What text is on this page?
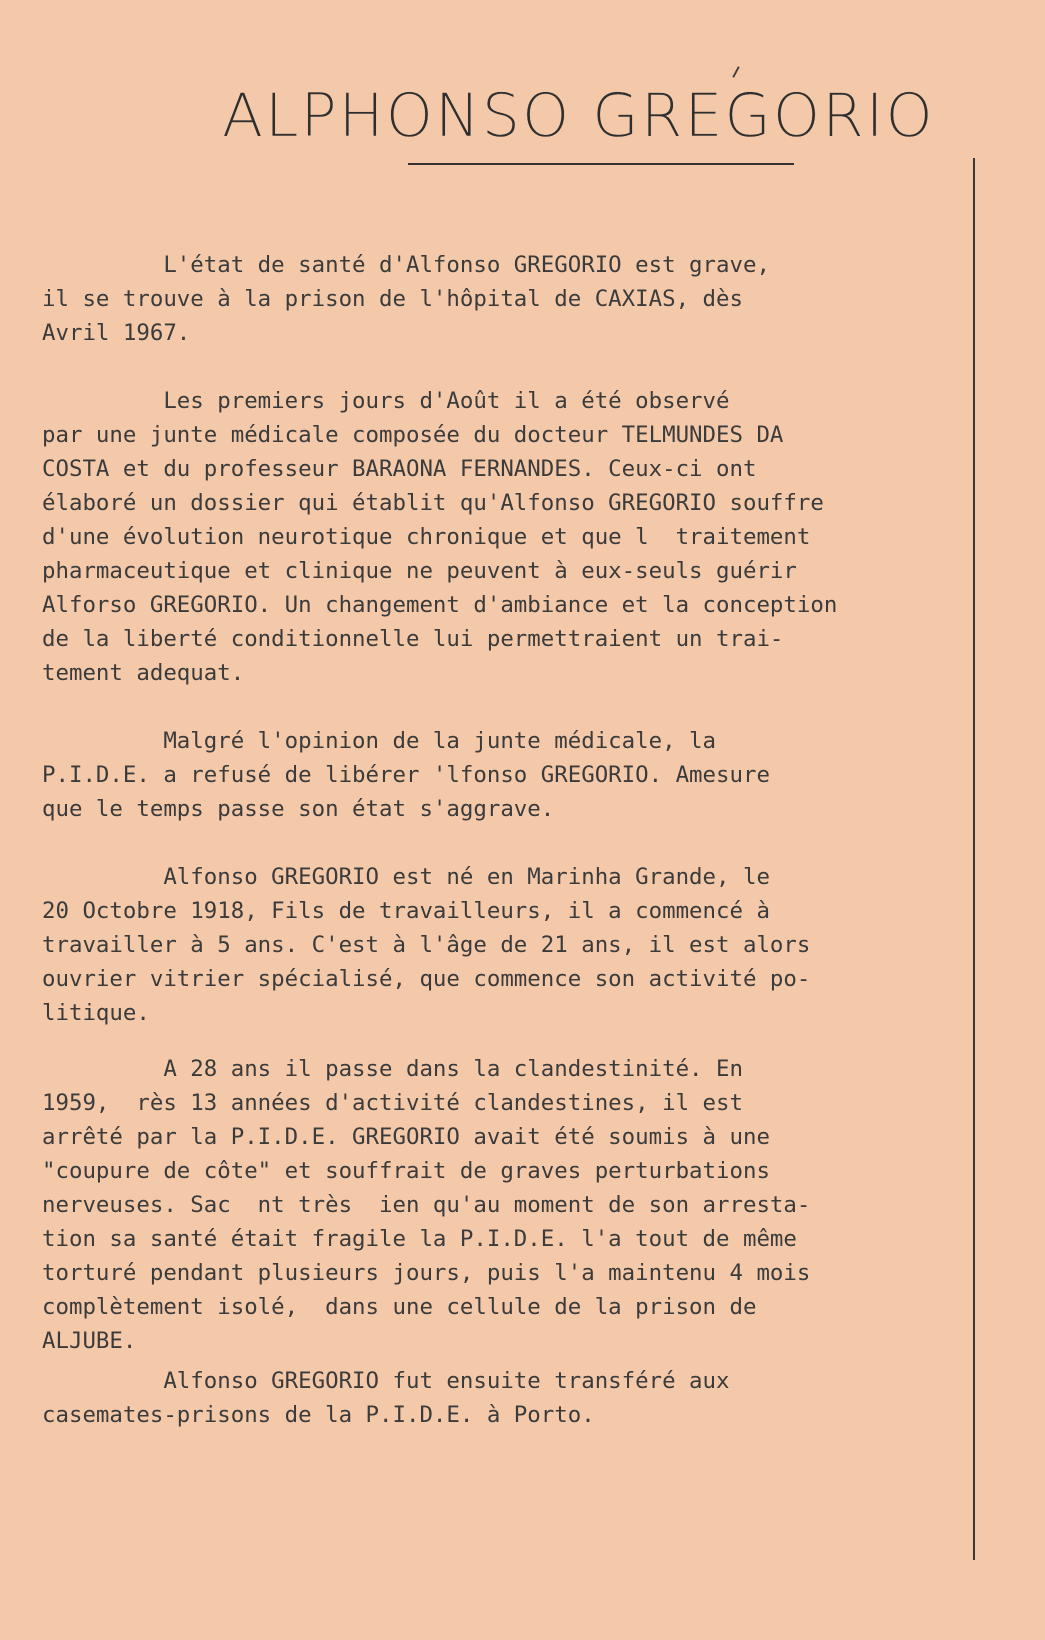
ALPHONSO GREGORIO

L'état de santé d'Alfonso GREGORIO est grave,

il se trouve à la prison de l'hôpital de CAXIAS, dès

Avril 1967.

Les premiers jours d'Août il a été observé

par une junte médicale composée du docteur TELMUNDES DA

COSTA et du professeur BARAONA FERNANDES. Ceux-ci ont

élaboré un dossier qui établit qu'Alfonso GREGORIO souffre

d'une évolution neurotique chronique et que l  traitement

pharmaceutique et clinique ne peuvent à eux-seuls guérir

Alforso GREGORIO. Un changement d'ambiance et la conception

de la liberté conditionnelle lui permettraient un trai-

tement adequat.

Malgré l'opinion de la junte médicale, la

P.I.D.E. a refusé de libérer 'lfonso GREGORIO. Amesure

que le temps passe son état s'aggrave.

Alfonso GREGORIO est né en Marinha Grande, le

20 Octobre 1918, Fils de travailleurs, il a commencé à

travailler à 5 ans. C'est à l'âge de 21 ans, il est alors

ouvrier vitrier spécialisé, que commence son activité po-

litique.

A 28 ans il passe dans la clandestinité. En

1959,  rès 13 années d'activité clandestines, il est

arrêté par la P.I.D.E. GREGORIO avait été soumis à une

"coupure de côte" et souffrait de graves perturbations

nerveuses. Sac  nt très  ien qu'au moment de son arresta-

tion sa santé était fragile la P.I.D.E. l'a tout de même

torturé pendant plusieurs jours, puis l'a maintenu 4 mois

complètement isolé,  dans une cellule de la prison de

ALJUBE.

Alfonso GREGORIO fut ensuite transféré aux

casemates-prisons de la P.I.D.E. à Porto.
